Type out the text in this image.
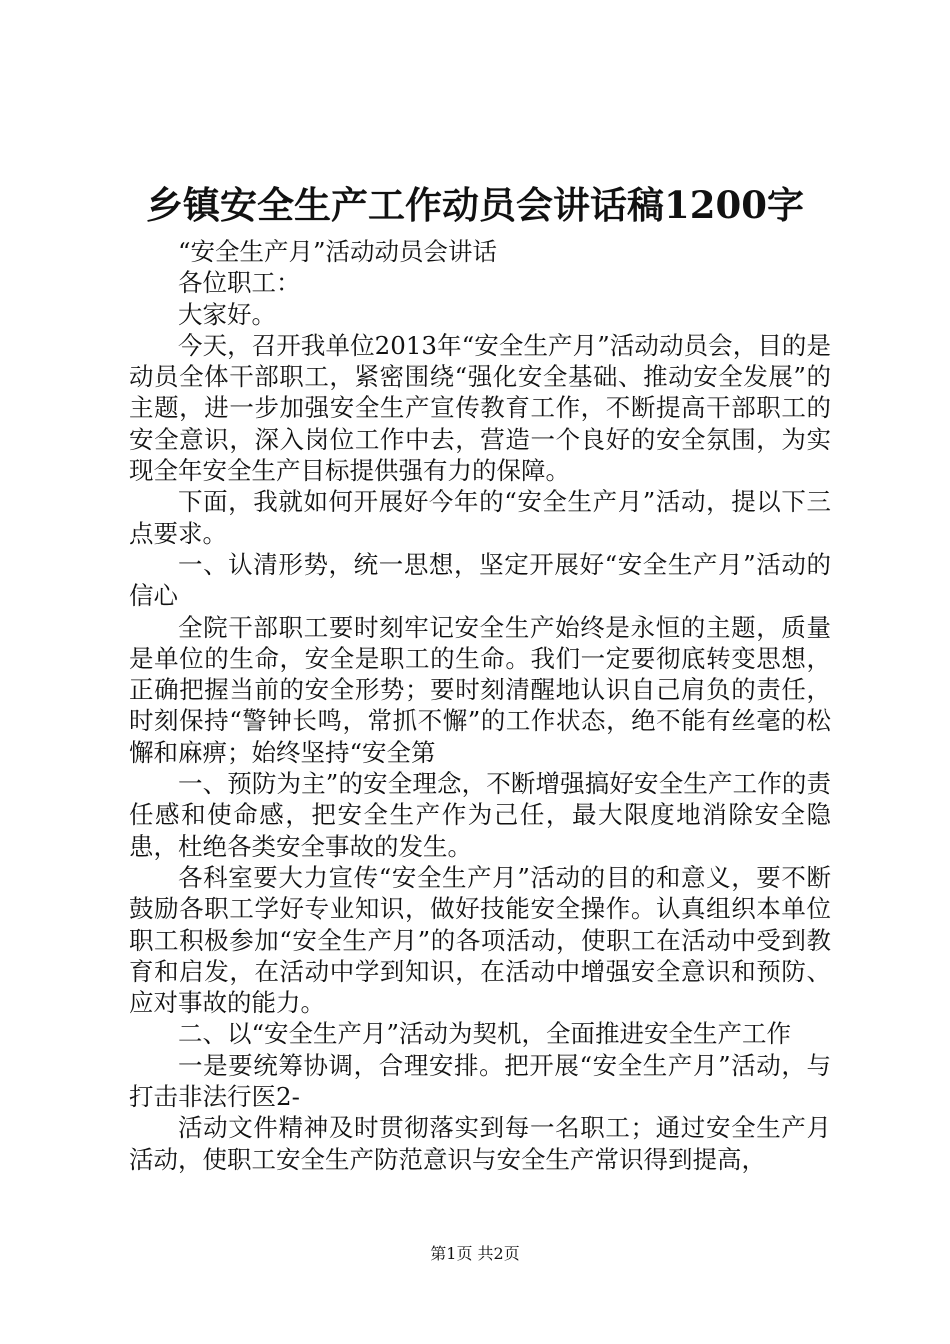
乡镇安全生产工作动员会讲话稿1200字

“安全生产月”活动动员会讲话

各位职工：

大家好。

今天，召开我单位2013年“安全生产月”活动动员会，目的是动员全体干部职工，紧密围绕“强化安全基础、推动安全发展”的主题，进一步加强安全生产宣传教育工作，不断提高干部职工的安全意识，深入岗位工作中去，营造一个良好的安全氛围，为实现全年安全生产目标提供强有力的保障。

下面，我就如何开展好今年的“安全生产月”活动，提以下三点要求。

一、认清形势，统一思想，坚定开展好“安全生产月”活动的信心

全院干部职工要时刻牢记安全生产始终是永恒的主题，质量是单位的生命，安全是职工的生命。我们一定要彻底转变思想，正确把握当前的安全形势；要时刻清醒地认识自己肩负的责任，时刻保持“警钟长鸣，常抓不懈”的工作状态，绝不能有丝毫的松懈和麻痹；始终坚持“安全第

一、预防为主”的安全理念，不断增强搞好安全生产工作的责任感和使命感，把安全生产作为己任，最大限度地消除安全隐患，杜绝各类安全事故的发生。

各科室要大力宣传“安全生产月”活动的目的和意义，要不断鼓励各职工学好专业知识，做好技能安全操作。认真组织本单位职工积极参加“安全生产月”的各项活动，使职工在活动中受到教育和启发，在活动中学到知识，在活动中增强安全意识和预防、应对事故的能力。

二、以“安全生产月”活动为契机，全面推进安全生产工作

一是要统筹协调，合理安排。把开展“安全生产月”活动，与打击非法行医2-

活动文件精神及时贯彻落实到每一名职工；通过安全生产月活动，使职工安全生产防范意识与安全生产常识得到提高，

第1页 共2页
